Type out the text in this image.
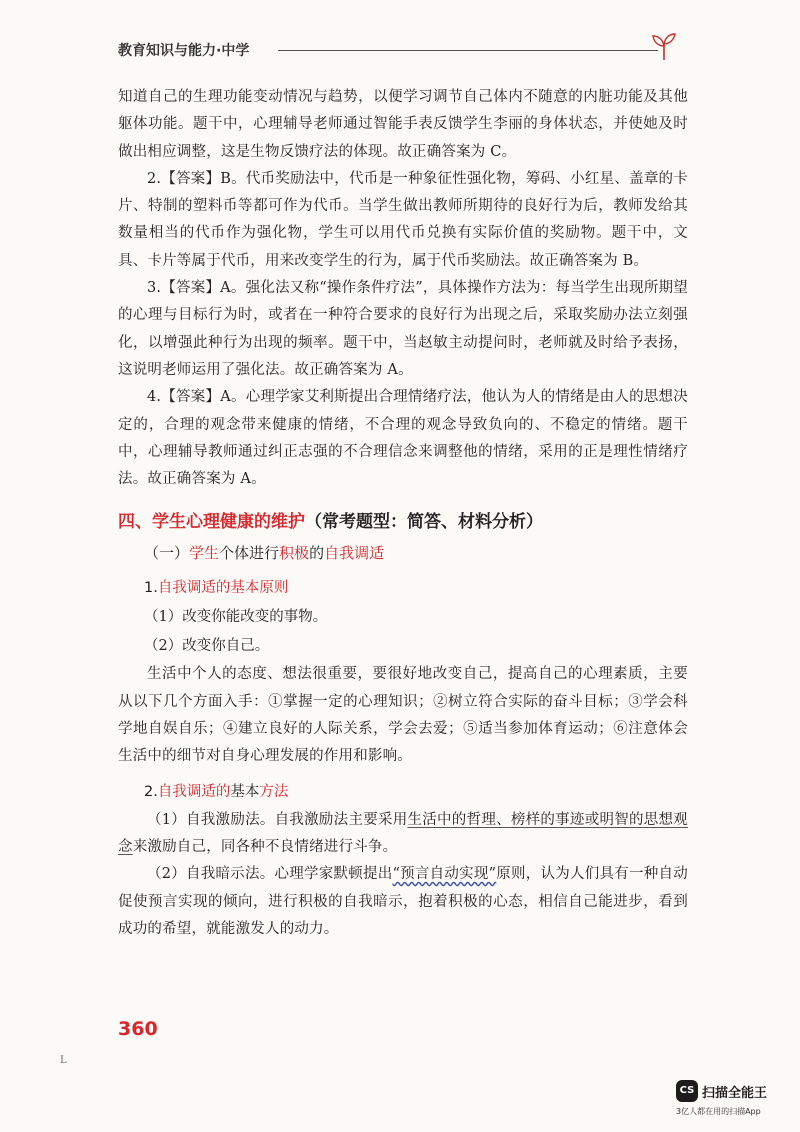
教育知识与能力·中学

知道自己的生理功能变动情况与趋势，以便学习调节自己体内不随意的内脏功能及其他躯体功能。题干中，心理辅导老师通过智能手表反馈学生李丽的身体状态，并使她及时做出相应调整，这是生物反馈疗法的体现。故正确答案为 C。

2.【答案】B。代币奖励法中，代币是一种象征性强化物，筹码、小红星、盖章的卡片、特制的塑料币等都可作为代币。当学生做出教师所期待的良好行为后，教师发给其数量相当的代币作为强化物，学生可以用代币兑换有实际价值的奖励物。题干中，文具、卡片等属于代币，用来改变学生的行为，属于代币奖励法。故正确答案为 B。

3.【答案】A。强化法又称“操作条件疗法”，具体操作方法为：每当学生出现所期望的心理与目标行为时，或者在一种符合要求的良好行为出现之后，采取奖励办法立刻强化，以增强此种行为出现的频率。题干中，当赵敏主动提问时，老师就及时给予表扬，这说明老师运用了强化法。故正确答案为 A。

4.【答案】A。心理学家艾利斯提出合理情绪疗法，他认为人的情绪是由人的思想决定的，合理的观念带来健康的情绪，不合理的观念导致负向的、不稳定的情绪。题干中，心理辅导教师通过纠正志强的不合理信念来调整他的情绪，采用的正是理性情绪疗法。故正确答案为 A。

四、学生心理健康的维护（常考题型：简答、材料分析）
（一）学生个体进行积极的自我调适
1.自我调适的基本原则
（1）改变你能改变的事物。
（2）改变你自己。

生活中个人的态度、想法很重要，要很好地改变自己，提高自己的心理素质，主要从以下几个方面入手：①掌握一定的心理知识；②树立符合实际的奋斗目标；③学会科学地自娱自乐；④建立良好的人际关系，学会去爱；⑤适当参加体育运动；⑥注意体会生活中的细节对自身心理发展的作用和影响。

2.自我调适的基本方法

（1）自我激励法。自我激励法主要采用生活中的哲理、榜样的事迹或明智的思想观念来激励自己，同各种不良情绪进行斗争。

（2）自我暗示法。心理学家默顿提出“预言自动实现”原则，认为人们具有一种自动促使预言实现的倾向，进行积极的自我暗示，抱着积极的心态，相信自己能进步，看到成功的希望，就能激发人的动力。

360
L
CS 扫描全能王
3亿人都在用的扫描App
